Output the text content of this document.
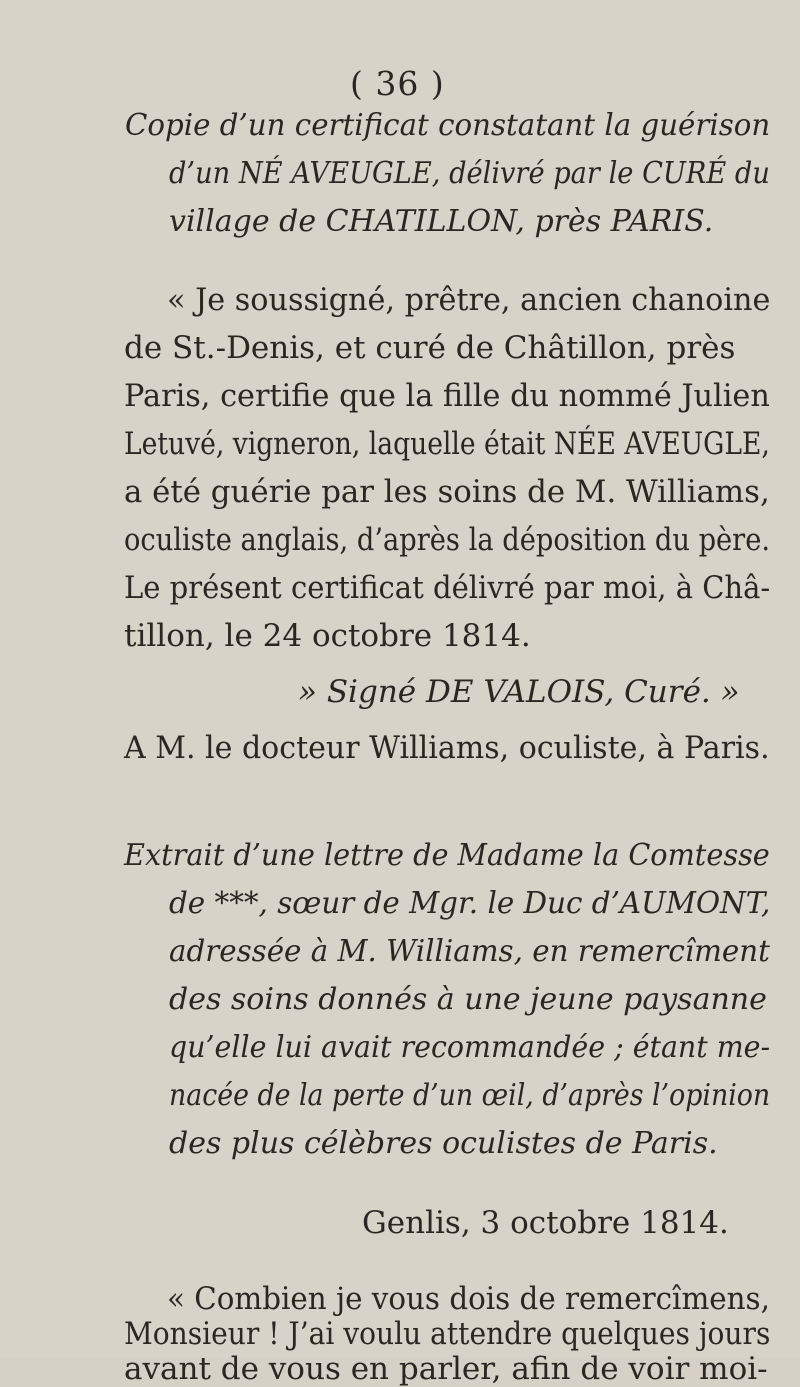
( 36 )
Copie d’un certificat constatant la guérison
d’un NÉ AVEUGLE, délivré par le CURÉ du
village de CHATILLON, près PARIS.
« Je soussigné, prêtre, ancien chanoine
de St.-Denis, et curé de Châtillon, près
Paris, certifie que la fille du nommé Julien
Letuvé, vigneron, laquelle était NÉE AVEUGLE,
a été guérie par les soins de M. Williams,
oculiste anglais, d’après la déposition du père.
Le présent certificat délivré par moi, à Châ-
tillon, le 24 octobre 1814.
» Signé DE VALOIS, Curé. »
A M. le docteur Williams, oculiste, à Paris.
Extrait d’une lettre de Madame la Comtesse
de ***, sœur de Mgr. le Duc d’AUMONT,
adressée à M. Williams, en remercîment
des soins donnés à une jeune paysanne
qu’elle lui avait recommandée ; étant me-
nacée de la perte d’un œil, d’après l’opinion
des plus célèbres oculistes de Paris.
Genlis, 3 octobre 1814.
« Combien je vous dois de remercîmens,
Monsieur ! J’ai voulu attendre quelques jours
avant de vous en parler, afin de voir moi-
